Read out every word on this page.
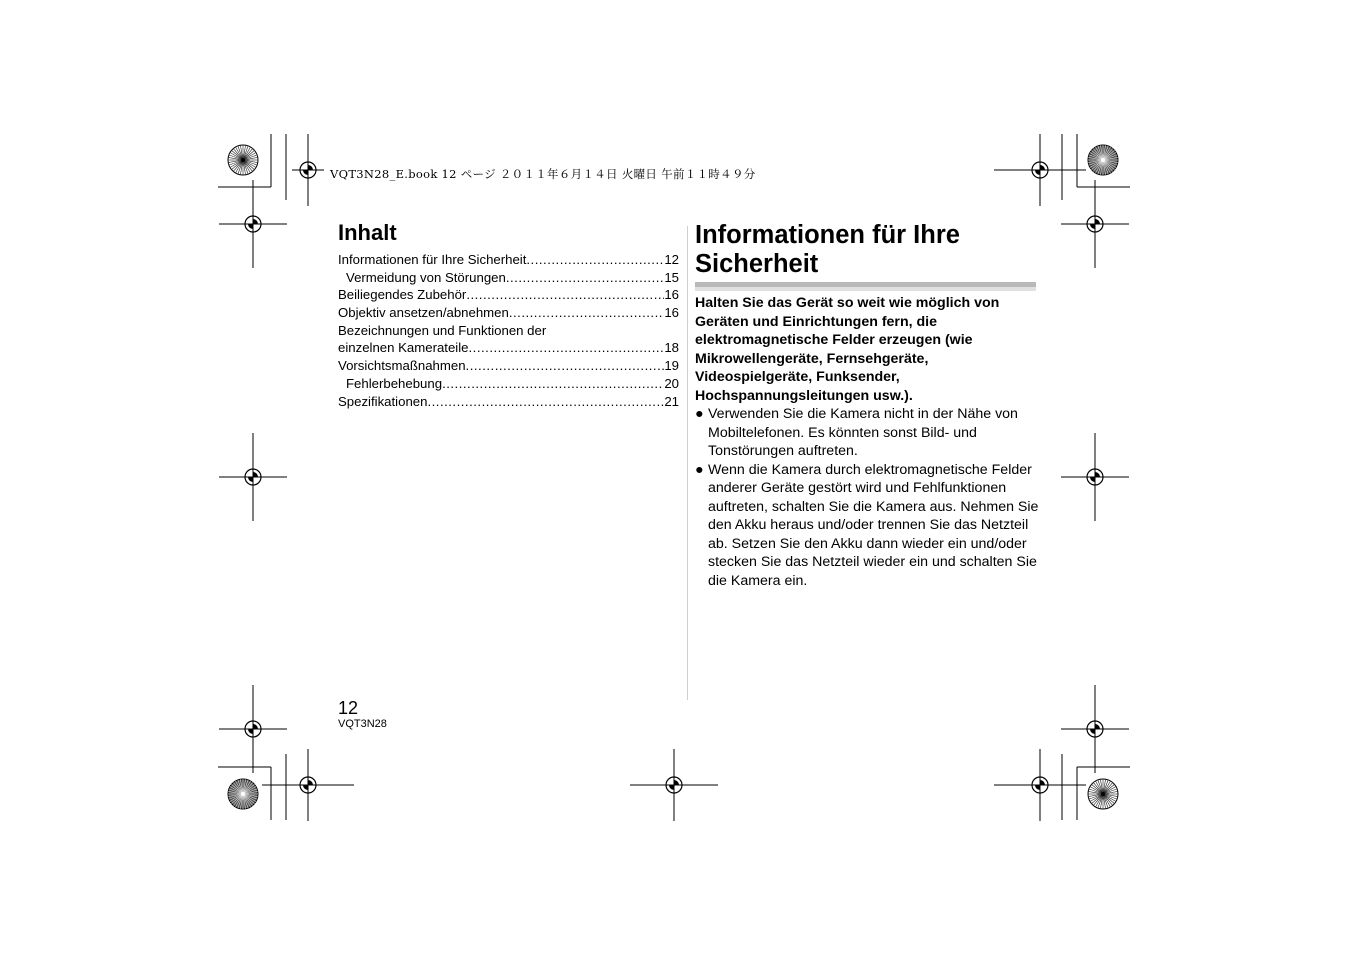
VQT3N28_E.book 12 ページ ２０１１年６月１４日 火曜日 午前１１時４９分
Inhalt
Informationen für Ihre Sicherheit .....	12
Vermeidung von Störungen .....	15
Beiliegendes Zubehör .....	16
Objektiv ansetzen/abnehmen .....	16
Bezeichnungen und Funktionen der
einzelnen Kamerateile .....	18
Vorsichtsmaßnahmen .....	19
Fehlerbehebung .....	20
Spezifikationen .....	21
Informationen für Ihre Sicherheit
Halten Sie das Gerät so weit wie möglich von Geräten und Einrichtungen fern, die elektromagnetische Felder erzeugen (wie Mikrowellengeräte, Fernsehgeräte, Videospielgeräte, Funksender, Hochspannungsleitungen usw.).
● Verwenden Sie die Kamera nicht in der Nähe von Mobiltelefonen. Es könnten sonst Bild- und Tonstörungen auftreten.
● Wenn die Kamera durch elektromagnetische Felder anderer Geräte gestört wird und Fehlfunktionen auftreten, schalten Sie die Kamera aus. Nehmen Sie den Akku heraus und/oder trennen Sie das Netzteil ab. Setzen Sie den Akku dann wieder ein und/oder stecken Sie das Netzteil wieder ein und schalten Sie die Kamera ein.
12
VQT3N28
